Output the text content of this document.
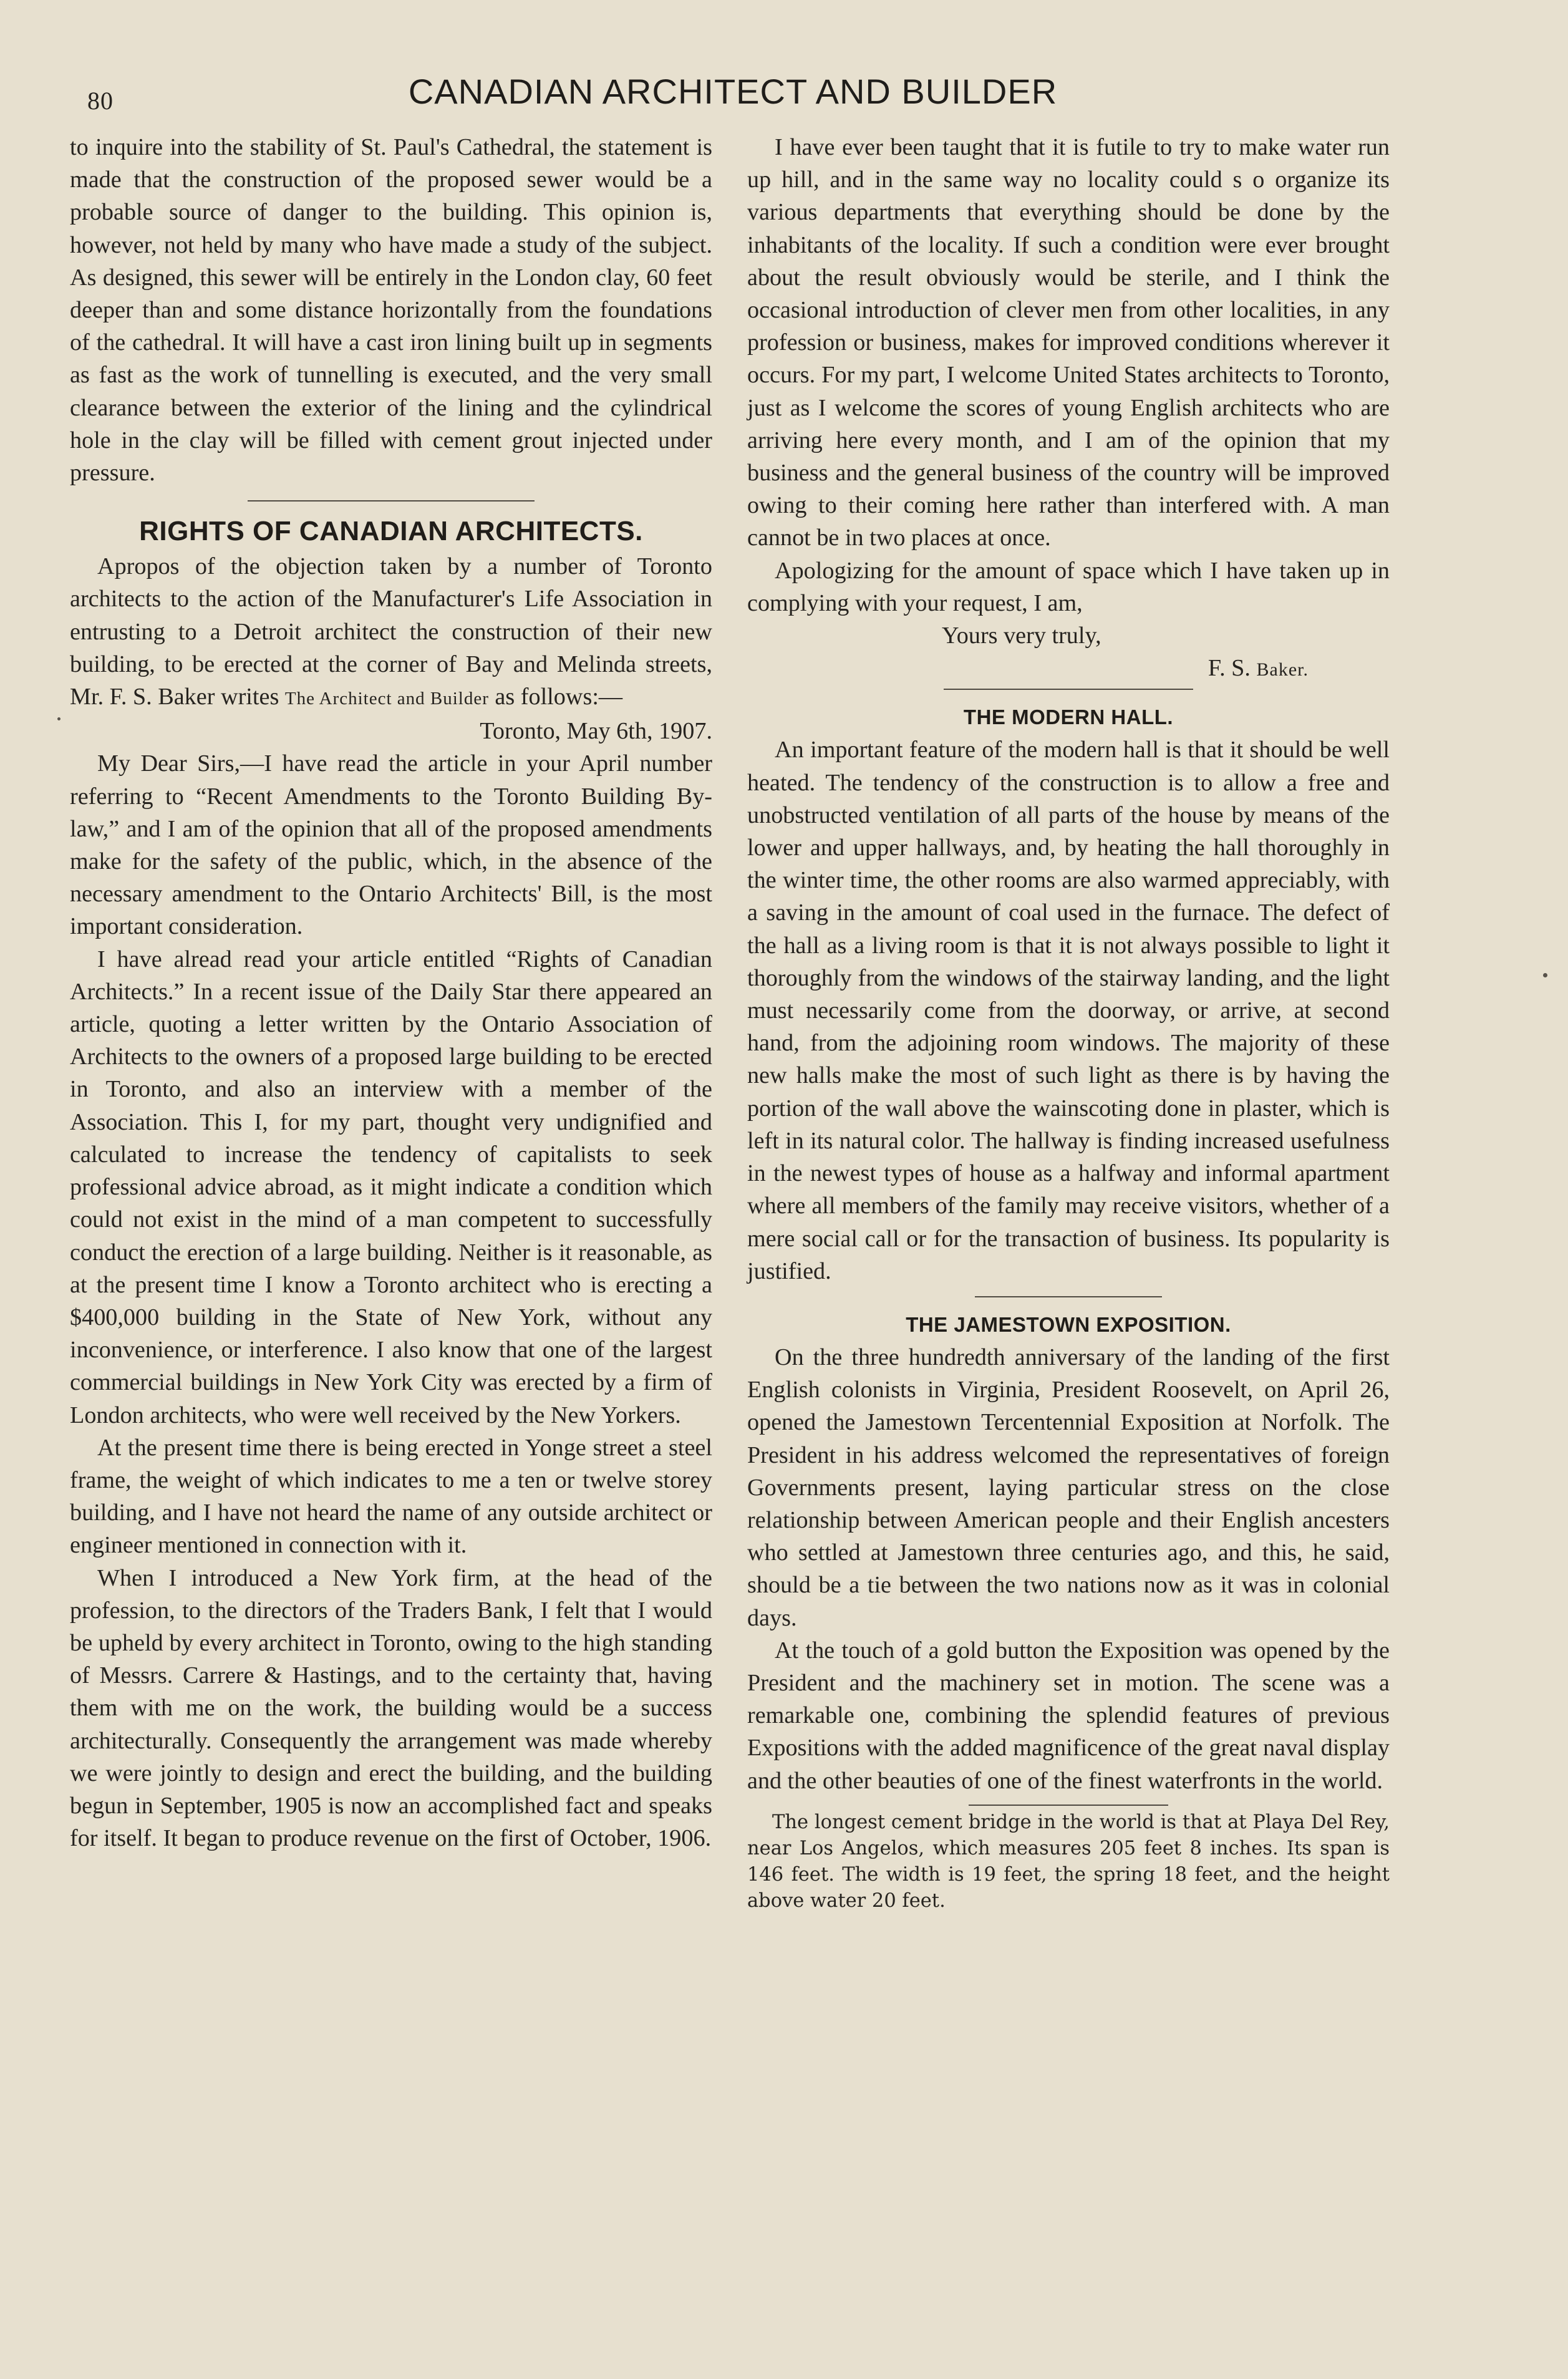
80	CANADIAN ARCHITECT AND BUILDER

to inquire into the stability of St. Paul's Cathedral, the statement is made that the construction of the proposed sewer would be a probable source of danger to the building. This opinion is, however, not held by many who have made a study of the subject. As designed, this sewer will be entirely in the London clay, 60 feet deeper than and some distance horizontally from the foundations of the cathedral. It will have a cast iron lining built up in segments as fast as the work of tunnelling is executed, and the very small clearance between the exterior of the lining and the cylindrical hole in the clay will be filled with cement grout injected under pressure.

RIGHTS OF CANADIAN ARCHITECTS.

Apropos of the objection taken by a number of Toronto architects to the action of the Manufacturer's Life Association in entrusting to a Detroit architect the construction of their new building, to be erected at the corner of Bay and Melinda streets, Mr. F. S. Baker writes The Architect and Builder as follows:—

Toronto, May 6th, 1907.

My Dear Sirs,—I have read the article in your April number referring to “Recent Amendments to the Toronto Building By-law,” and I am of the opinion that all of the proposed amendments make for the safety of the public, which, in the absence of the necessary amendment to the Ontario Architects' Bill, is the most important consideration.

I have alread read your article entitled “Rights of Canadian Architects.” In a recent issue of the Daily Star there appeared an article, quoting a letter written by the Ontario Association of Architects to the owners of a proposed large building to be erected in Toronto, and also an interview with a member of the Association. This I, for my part, thought very undignified and calculated to increase the tendency of capitalists to seek professional advice abroad, as it might indicate a condition which could not exist in the mind of a man competent to successfully conduct the erection of a large building. Neither is it reasonable, as at the present time I know a Toronto architect who is erecting a $400,000 building in the State of New York, without any inconvenience, or interference. I also know that one of the largest commercial buildings in New York City was erected by a firm of London architects, who were well received by the New Yorkers.

At the present time there is being erected in Yonge street a steel frame, the weight of which indicates to me a ten or twelve storey building, and I have not heard the name of any outside architect or engineer mentioned in connection with it.

When I introduced a New York firm, at the head of the profession, to the directors of the Traders Bank, I felt that I would be upheld by every architect in Toronto, owing to the high standing of Messrs. Carrere & Hastings, and to the certainty that, having them with me on the work, the building would be a success architecturally. Consequently the arrangement was made whereby we were jointly to design and erect the building, and the building begun in September, 1905 is now an accomplished fact and speaks for itself. It began to produce revenue on the first of October, 1906.

I have ever been taught that it is futile to try to make water run up hill, and in the same way no locality could s o organize its various departments that everything should be done by the inhabitants of the locality. If such a condition were ever brought about the result obviously would be sterile, and I think the occasional introduction of clever men from other localities, in any profession or business, makes for improved conditions wherever it occurs. For my part, I welcome United States architects to Toronto, just as I welcome the scores of young English architects who are arriving here every month, and I am of the opinion that my business and the general business of the country will be improved owing to their coming here rather than interfered with. A man cannot be in two places at once.

Apologizing for the amount of space which I have taken up in complying with your request, I am,

Yours very truly,

F. S. Baker.

THE MODERN HALL.

An important feature of the modern hall is that it should be well heated. The tendency of the construction is to allow a free and unobstructed ventilation of all parts of the house by means of the lower and upper hallways, and, by heating the hall thoroughly in the winter time, the other rooms are also warmed appreciably, with a saving in the amount of coal used in the furnace. The defect of the hall as a living room is that it is not always possible to light it thoroughly from the windows of the stairway landing, and the light must necessarily come from the doorway, or arrive, at second hand, from the adjoining room windows. The majority of these new halls make the most of such light as there is by having the portion of the wall above the wainscoting done in plaster, which is left in its natural color. The hallway is finding increased usefulness in the newest types of house as a halfway and informal apartment where all members of the family may receive visitors, whether of a mere social call or for the transaction of business. Its popularity is justified.

THE JAMESTOWN EXPOSITION.

On the three hundredth anniversary of the landing of the first English colonists in Virginia, President Roosevelt, on April 26, opened the Jamestown Tercentennial Exposition at Norfolk. The President in his address welcomed the representatives of foreign Governments present, laying particular stress on the close relationship between American people and their English ancesters who settled at Jamestown three centuries ago, and this, he said, should be a tie between the two nations now as it was in colonial days.

At the touch of a gold button the Exposition was opened by the President and the machinery set in motion. The scene was a remarkable one, combining the splendid features of previous Expositions with the added magnificence of the great naval display and the other beauties of one of the finest waterfronts in the world.

The longest cement bridge in the world is that at Playa Del Rey, near Los Angelos, which measures 205 feet 8 inches. Its span is 146 feet. The width is 19 feet, the spring 18 feet, and the height above water 20 feet.
